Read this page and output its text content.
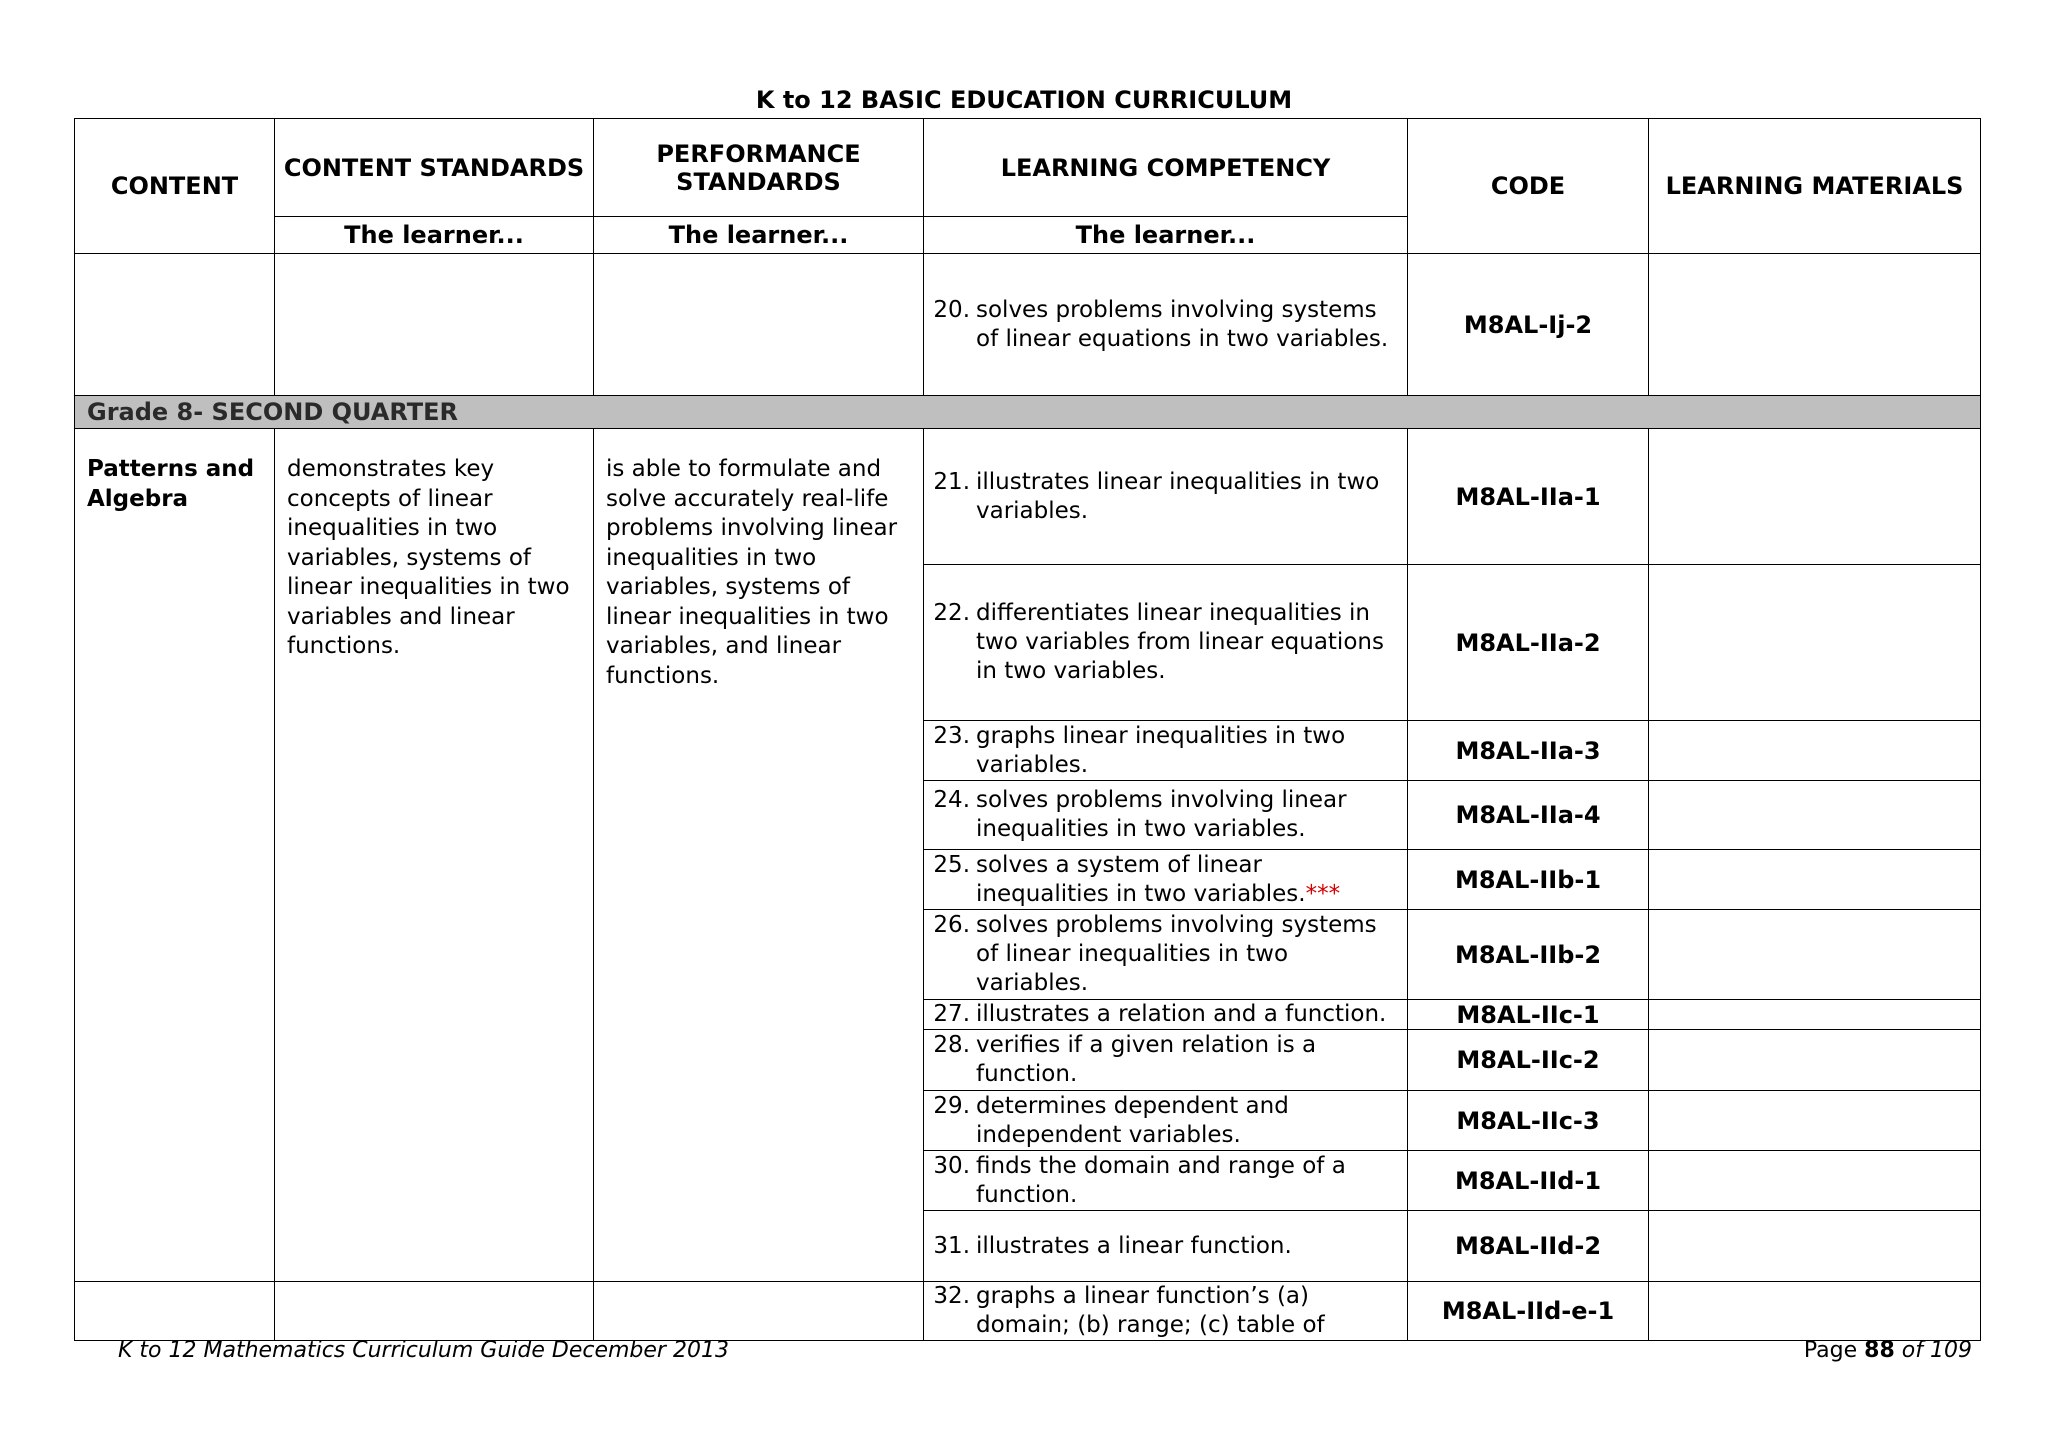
K to 12 BASIC EDUCATION CURRICULUM
CONTENT	CONTENT STANDARDS	PERFORMANCE STANDARDS	LEARNING COMPETENCY	CODE	LEARNING MATERIALS
	The learner...	The learner...	The learner...		
			20. solves problems involving systems of linear equations in two variables.	M8AL-Ij-2	
Grade 8- SECOND QUARTER					
Patterns and Algebra	demonstrates key concepts of linear inequalities in two variables, systems of linear inequalities in two variables and linear functions.	is able to formulate and solve accurately real-life problems involving linear inequalities in two variables, systems of linear inequalities in two variables, and linear functions.	21. illustrates linear inequalities in two variables.	M8AL-IIa-1	
			22. differentiates linear inequalities in two variables from linear equations in two variables.	M8AL-IIa-2	
			23. graphs linear inequalities in two variables.	M8AL-IIa-3	
			24. solves problems involving linear inequalities in two variables.	M8AL-IIa-4	
			25. solves a system of linear inequalities in two variables.***	M8AL-IIb-1	
			26. solves problems involving systems of linear inequalities in two variables.	M8AL-IIb-2	
			27. illustrates a relation and a function.	M8AL-IIc-1	
			28. verifies if a given relation is a function.	M8AL-IIc-2	
			29. determines dependent and independent variables.	M8AL-IIc-3	
			30. finds the domain and range of a function.	M8AL-IId-1	
			31. illustrates a linear function.	M8AL-IId-2	
			32. graphs a linear function’s (a) domain; (b) range; (c) table of	M8AL-IId-e-1	
K to 12 Mathematics Curriculum Guide December 2013	Page 88 of 109
